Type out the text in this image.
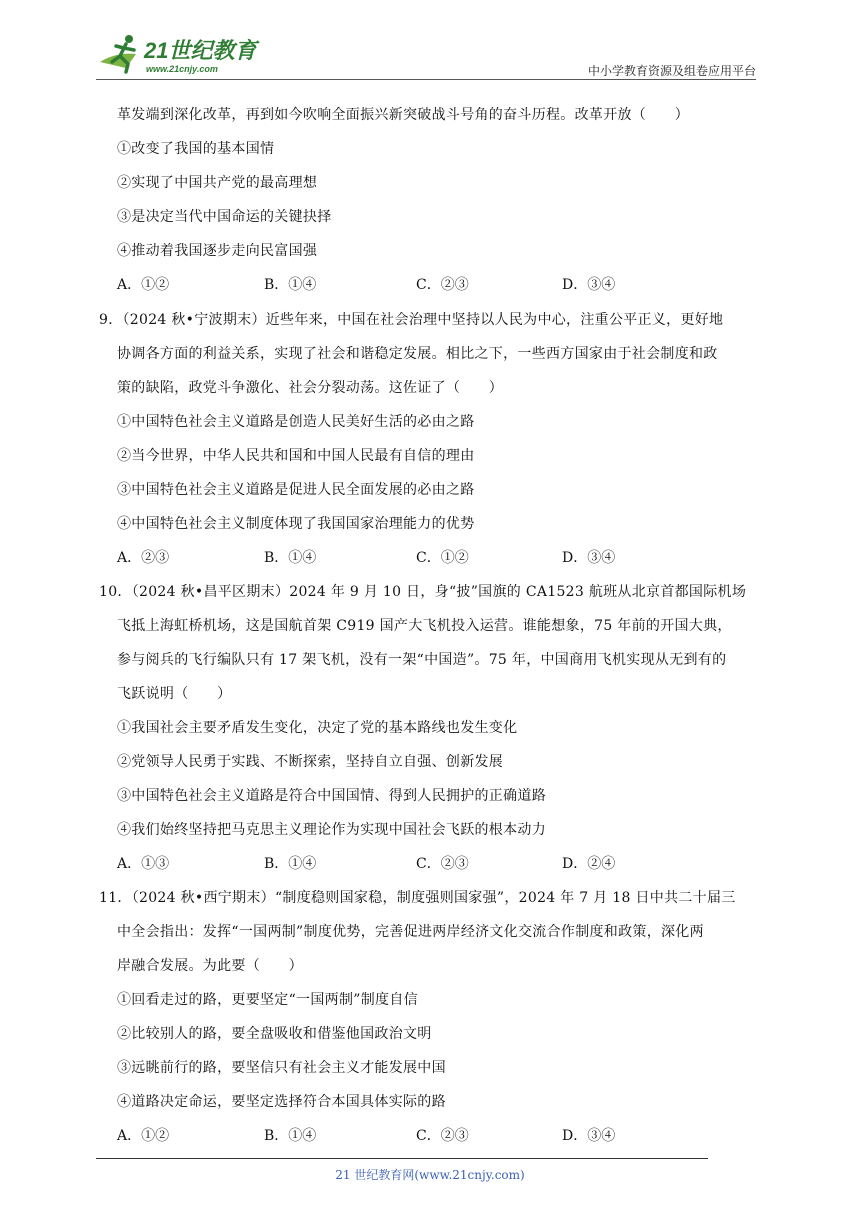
21世纪教育
www.21cnjy.com	中小学教育资源及组卷应用平台
革发端到深化改革，再到如今吹响全面振兴新突破战斗号角的奋斗历程。改革开放（　　）
①改变了我国的基本国情
②实现了中国共产党的最高理想
③是决定当代中国命运的关键抉择
④推动着我国逐步走向民富国强
A．①②	B．①④	C．②③	D．③④
9．（2024 秋•宁波期末）近些年来，中国在社会治理中坚持以人民为中心，注重公平正义，更好地
协调各方面的利益关系，实现了社会和谐稳定发展。相比之下，一些西方国家由于社会制度和政
策的缺陷，政党斗争激化、社会分裂动荡。这佐证了（　　）
①中国特色社会主义道路是创造人民美好生活的必由之路
②当今世界，中华人民共和国和中国人民最有自信的理由
③中国特色社会主义道路是促进人民全面发展的必由之路
④中国特色社会主义制度体现了我国国家治理能力的优势
A．②③	B．①④	C．①②	D．③④
10．（2024 秋•昌平区期末）2024 年 9 月 10 日，身“披”国旗的 CA1523 航班从北京首都国际机场
飞抵上海虹桥机场，这是国航首架 C919 国产大飞机投入运营。谁能想象，75 年前的开国大典，
参与阅兵的飞行编队只有 17 架飞机，没有一架“中国造”。75 年，中国商用飞机实现从无到有的
飞跃说明（　　）
①我国社会主要矛盾发生变化，决定了党的基本路线也发生变化
②党领导人民勇于实践、不断探索，坚持自立自强、创新发展
③中国特色社会主义道路是符合中国国情、得到人民拥护的正确道路
④我们始终坚持把马克思主义理论作为实现中国社会飞跃的根本动力
A．①③	B．①④	C．②③	D．②④
11．（2024 秋•西宁期末）“制度稳则国家稳，制度强则国家强”，2024 年 7 月 18 日中共二十届三
中全会指出：发挥“一国两制”制度优势，完善促进两岸经济文化交流合作制度和政策，深化两
岸融合发展。为此要（　　）
①回看走过的路，更要坚定“一国两制”制度自信
②比较别人的路，要全盘吸收和借鉴他国政治文明
③远眺前行的路，要坚信只有社会主义才能发展中国
④道路决定命运，要坚定选择符合本国具体实际的路
A．①②	B．①④	C．②③	D．③④
21 世纪教育网(www.21cnjy.com)
